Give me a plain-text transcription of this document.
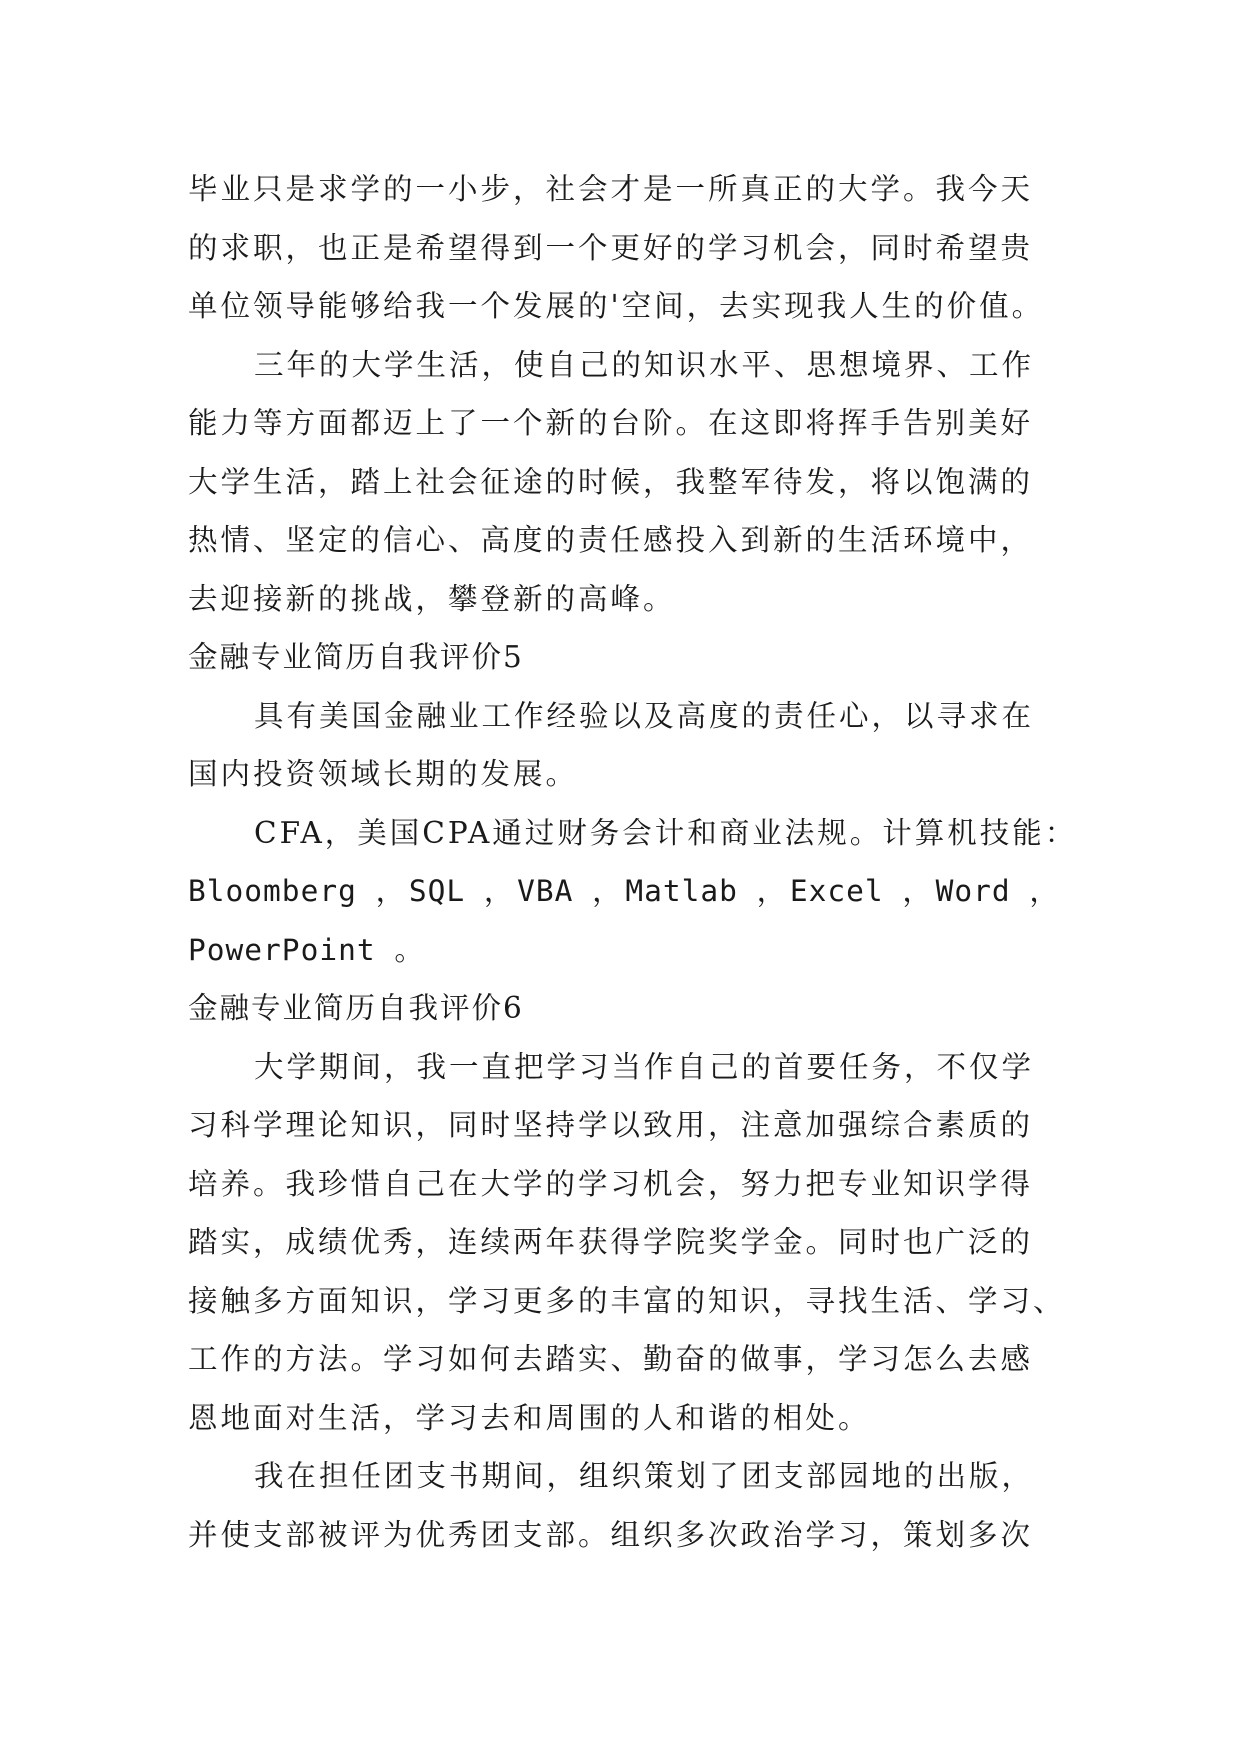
毕业只是求学的一小步，社会才是一所真正的大学。我今天
的求职，也正是希望得到一个更好的学习机会，同时希望贵
单位领导能够给我一个发展的'空间，去实现我人生的价值。
三年的大学生活，使自己的知识水平、思想境界、工作
能力等方面都迈上了一个新的台阶。在这即将挥手告别美好
大学生活，踏上社会征途的时候，我整军待发，将以饱满的
热情、坚定的信心、高度的责任感投入到新的生活环境中，
去迎接新的挑战，攀登新的高峰。
金融专业简历自我评价5
具有美国金融业工作经验以及高度的责任心，以寻求在
国内投资领域长期的发展。
CFA，美国CPA通过财务会计和商业法规。计算机技能：
Bloomberg ， SQL ， VBA ， Matlab ， Excel ， Word ，
PowerPoint 。
金融专业简历自我评价6
大学期间，我一直把学习当作自己的首要任务，不仅学
习科学理论知识，同时坚持学以致用，注意加强综合素质的
培养。我珍惜自己在大学的学习机会，努力把专业知识学得
踏实，成绩优秀，连续两年获得学院奖学金。同时也广泛的
接触多方面知识，学习更多的丰富的知识，寻找生活、学习、
工作的方法。学习如何去踏实、勤奋的做事，学习怎么去感
恩地面对生活，学习去和周围的人和谐的相处。
我在担任团支书期间，组织策划了团支部园地的出版，
并使支部被评为优秀团支部。组织多次政治学习，策划多次
